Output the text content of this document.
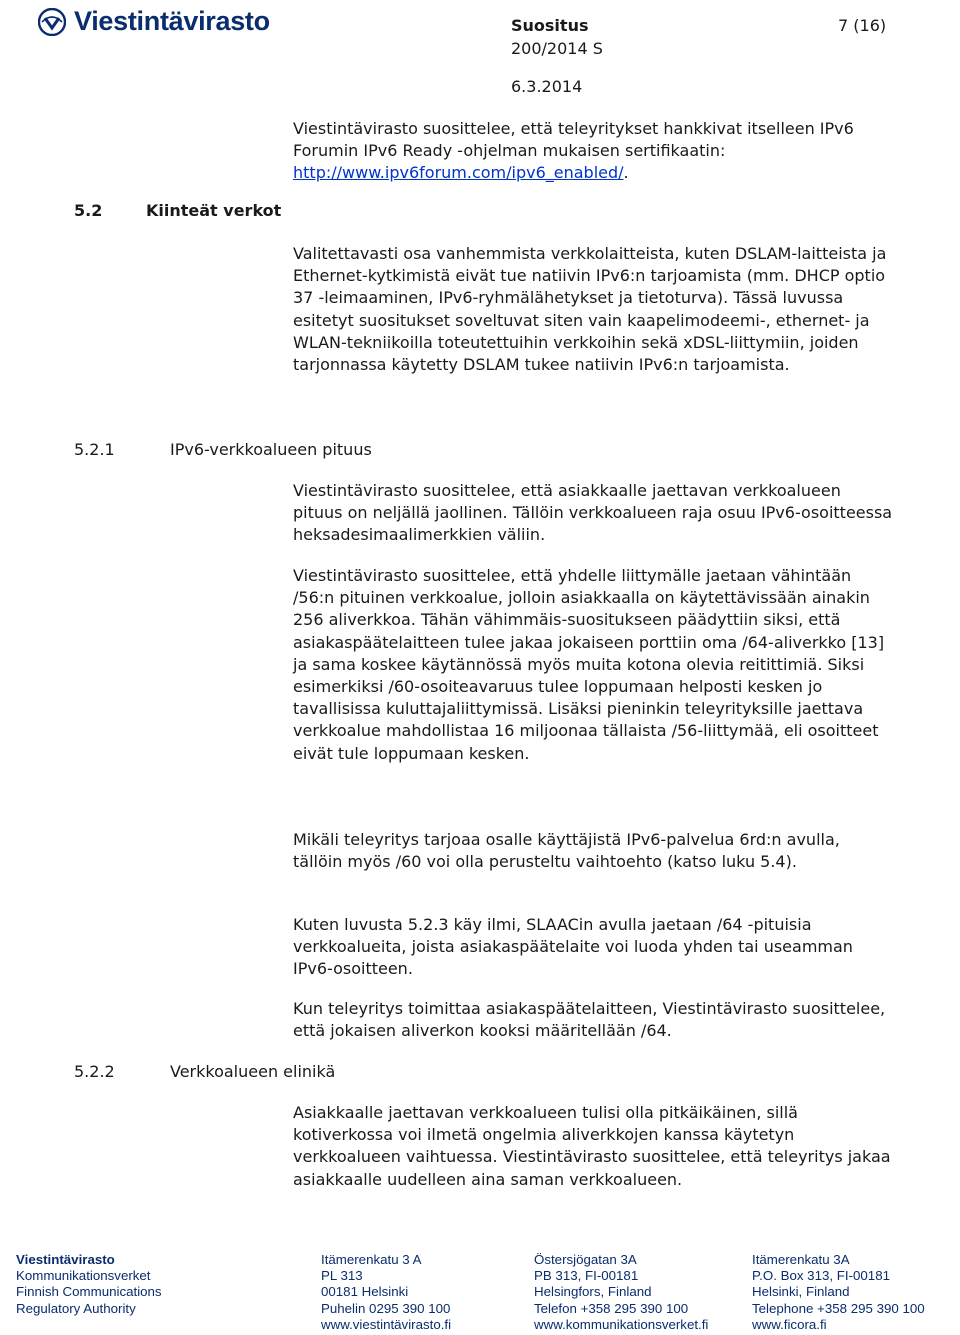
Viestintävirasto	Suositus	7 (16)
200/2014 S
6.3.2014

Viestintävirasto suosittelee, että teleyritykset hankkivat itselleen IPv6 Forumin IPv6 Ready -ohjelman mukaisen sertifikaatin: http://www.ipv6forum.com/ipv6_enabled/.

5.2	Kiinteät verkot

Valitettavasti osa vanhemmista verkkolaitteista, kuten DSLAM-laitteista ja Ethernet-kytkimistä eivät tue natiivin IPv6:n tarjoamista (mm. DHCP optio 37 -leimaaminen, IPv6-ryhmälähetykset ja tietoturva). Tässä luvussa esitetyt suositukset soveltuvat siten vain kaapelimodeemi-, ethernet- ja WLAN-tekniikoilla toteutettuihin verkkoihin sekä xDSL-liittymiin, joiden tarjonnassa käytetty DSLAM tukee natiivin IPv6:n tarjoamista.

5.2.1	IPv6-verkkoalueen pituus

Viestintävirasto suosittelee, että asiakkaalle jaettavan verkkoalueen pituus on neljällä jaollinen. Tällöin verkkoalueen raja osuu IPv6-osoitteessa heksadesimaalimerkkien väliin.

Viestintävirasto suosittelee, että yhdelle liittymälle jaetaan vähintään /56:n pituinen verkkoalue, jolloin asiakkaalla on käytettävissään ainakin 256 aliverkkoa. Tähän vähimmäis-suositukseen päädyttiin siksi, että asiakaspäätelaitteen tulee jakaa jokaiseen porttiin oma /64-aliverkko [13] ja sama koskee käytännössä myös muita kotona olevia reitittimiä. Siksi esimerkiksi /60-osoiteavaruus tulee loppumaan helposti kesken jo tavallisissa kuluttajaliittymissä. Lisäksi pieninkin teleyrityksille jaettava verkkoalue mahdollistaa 16 miljoonaa tällaista /56-liittymää, eli osoitteet eivät tule loppumaan kesken.

Mikäli teleyritys tarjoaa osalle käyttäjistä IPv6-palvelua 6rd:n avulla, tällöin myös /60 voi olla perusteltu vaihtoehto (katso luku 5.4).

Kuten luvusta 5.2.3 käy ilmi, SLAACin avulla jaetaan /64 -pituisia verkkoalueita, joista asiakaspäätelaite voi luoda yhden tai useamman IPv6-osoitteen.

Kun teleyritys toimittaa asiakaspäätelaitteen, Viestintävirasto suosittelee, että jokaisen aliverkon kooksi määritellään /64.

5.2.2	Verkkoalueen elinikä

Asiakkaalle jaettavan verkkoalueen tulisi olla pitkäikäinen, sillä kotiverkossa voi ilmetä ongelmia aliverkkojen kanssa käytetyn verkkoalueen vaihtuessa. Viestintävirasto suosittelee, että teleyritys jakaa asiakkaalle uudelleen aina saman verkkoalueen.

Viestintävirasto
Kommunikationsverket
Finnish Communications
Regulatory Authority
Itämerenkatu 3 A
PL 313
00181 Helsinki
Puhelin 0295 390 100
www.viestintävirasto.fi
Östersjögatan 3A
PB 313, FI-00181
Helsingfors, Finland
Telefon +358 295 390 100
www.kommunikationsverket.fi
Itämerenkatu 3A
P.O. Box 313, FI-00181
Helsinki, Finland
Telephone +358 295 390 100
www.ficora.fi
